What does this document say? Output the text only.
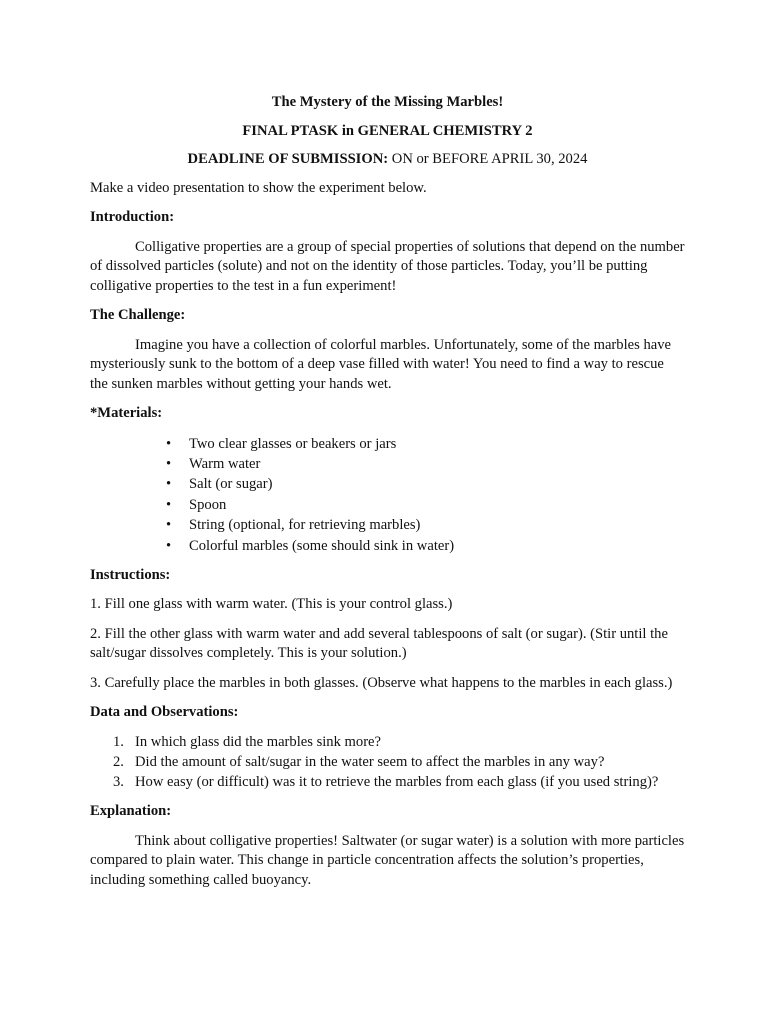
The Mystery of the Missing Marbles!
FINAL PTASK in GENERAL CHEMISTRY 2
DEADLINE OF SUBMISSION: ON or BEFORE APRIL 30, 2024

Make a video presentation to show the experiment below.

Introduction:

Colligative properties are a group of special properties of solutions that depend on the number of dissolved particles (solute) and not on the identity of those particles. Today, you’ll be putting colligative properties to the test in a fun experiment!

The Challenge:

Imagine you have a collection of colorful marbles. Unfortunately, some of the marbles have mysteriously sunk to the bottom of a deep vase filled with water! You need to find a way to rescue the sunken marbles without getting your hands wet.

*Materials:
• Two clear glasses or beakers or jars
• Warm water
• Salt (or sugar)
• Spoon
• String (optional, for retrieving marbles)
• Colorful marbles (some should sink in water)
Instructions:

1. Fill one glass with warm water. (This is your control glass.)

2. Fill the other glass with warm water and add several tablespoons of salt (or sugar). (Stir until the salt/sugar dissolves completely. This is your solution.)

3. Carefully place the marbles in both glasses. (Observe what happens to the marbles in each glass.)

Data and Observations:
1. In which glass did the marbles sink more?
2. Did the amount of salt/sugar in the water seem to affect the marbles in any way?
3. How easy (or difficult) was it to retrieve the marbles from each glass (if you used string)?
Explanation:

Think about colligative properties! Saltwater (or sugar water) is a solution with more particles compared to plain water. This change in particle concentration affects the solution’s properties, including something called buoyancy.
